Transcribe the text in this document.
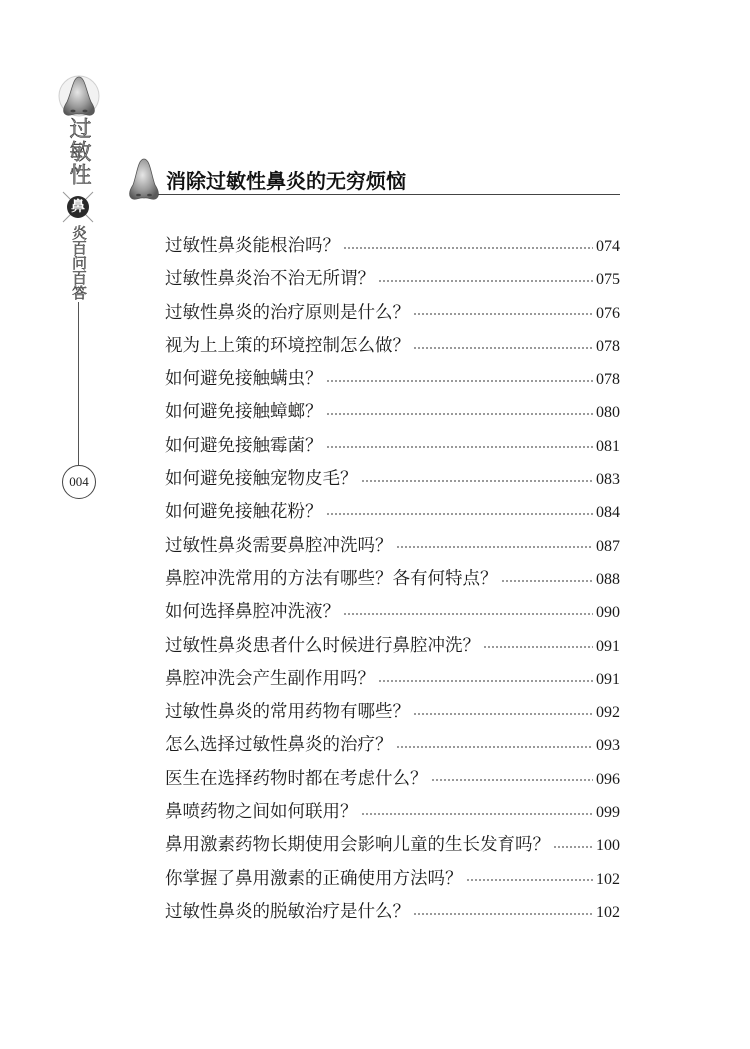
过敏性
鼻
炎百问百答
004
消除过敏性鼻炎的无穷烦恼
过敏性鼻炎能根治吗？	074
过敏性鼻炎治不治无所谓？	075
过敏性鼻炎的治疗原则是什么？	076
视为上上策的环境控制怎么做？	078
如何避免接触螨虫？	078
如何避免接触蟑螂？	080
如何避免接触霉菌？	081
如何避免接触宠物皮毛？	083
如何避免接触花粉？	084
过敏性鼻炎需要鼻腔冲洗吗？	087
鼻腔冲洗常用的方法有哪些？各有何特点？	088
如何选择鼻腔冲洗液？	090
过敏性鼻炎患者什么时候进行鼻腔冲洗？	091
鼻腔冲洗会产生副作用吗？	091
过敏性鼻炎的常用药物有哪些？	092
怎么选择过敏性鼻炎的治疗？	093
医生在选择药物时都在考虑什么？	096
鼻喷药物之间如何联用？	099
鼻用激素药物长期使用会影响儿童的生长发育吗？	100
你掌握了鼻用激素的正确使用方法吗？	102
过敏性鼻炎的脱敏治疗是什么？	102
